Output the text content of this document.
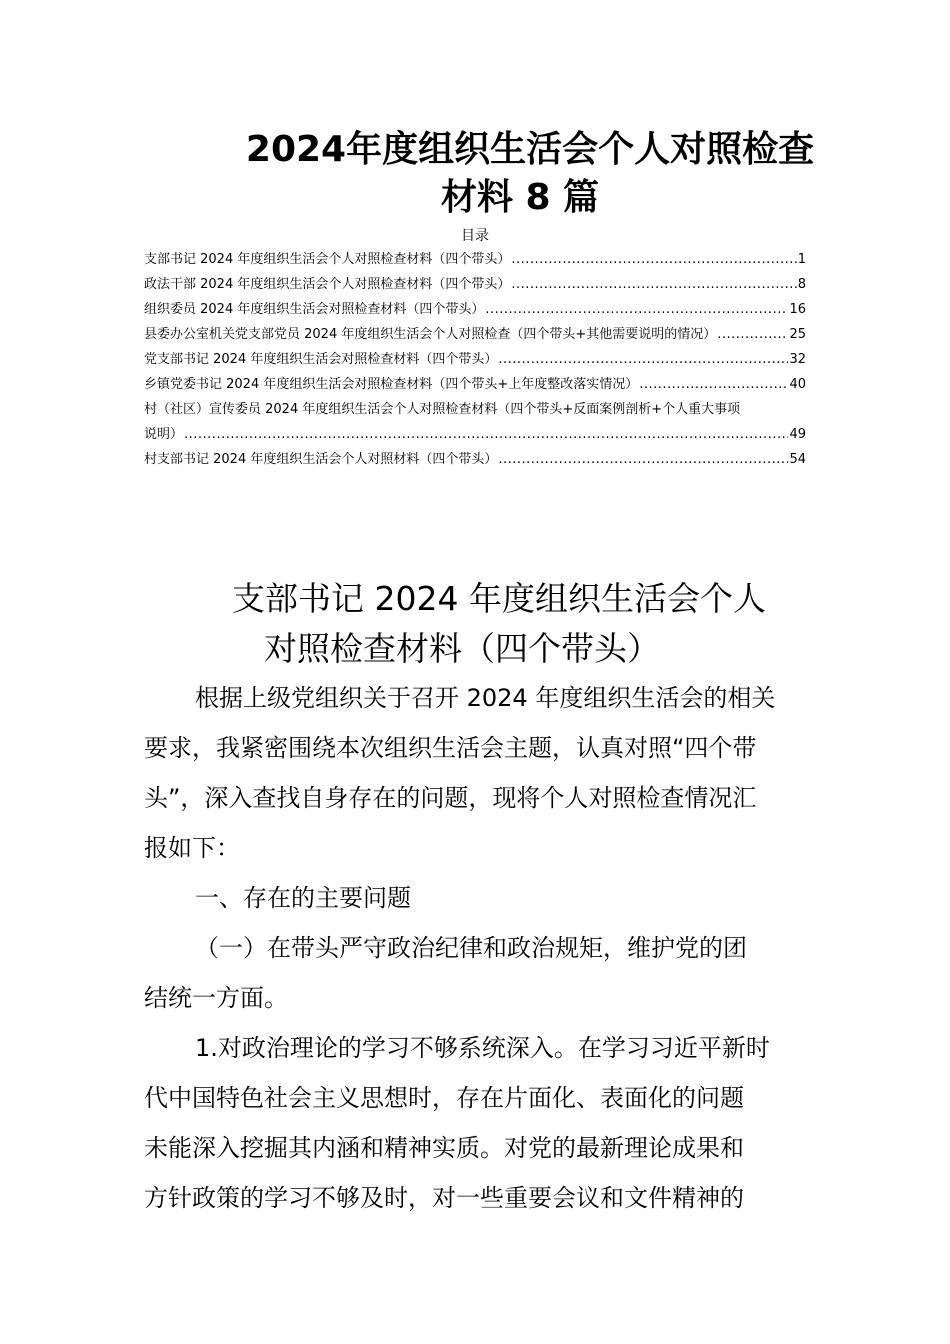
2024年度组织生活会个人对照检查
材料 8 篇
目录
支部书记 2024 年度组织生活会个人对照检查材料（四个带头） .....	1
政法干部 2024 年度组织生活会个人对照检查材料（四个带头） .....	8
组织委员 2024 年度组织生活会对照检查材料（四个带头） .....	16
县委办公室机关党支部党员 2024 年度组织生活会个人对照检查（四个带头+其他需要说明的情况） .....	25
党支部书记 2024 年度组织生活会对照检查材料（四个带头） .....	32
乡镇党委书记 2024 年度组织生活会对照检查材料（四个带头+上年度整改落实情况） .....	40
村（社区）宣传委员 2024 年度组织生活会个人对照检查材料（四个带头+反面案例剖析+个人重大事项
说明） .....	49
村支部书记 2024 年度组织生活会个人对照材料（四个带头） .....	54
支部书记 2024 年度组织生活会个人
对照检查材料（四个带头）
根据上级党组织关于召开 2024 年度组织生活会的相关
要求，我紧密围绕本次组织生活会主题，认真对照“四个带
头”，深入查找自身存在的问题，现将个人对照检查情况汇
报如下：
一、存在的主要问题
（一）在带头严守政治纪律和政治规矩，维护党的团
结统一方面。
1.对政治理论的学习不够系统深入。在学习习近平新时
代中国特色社会主义思想时，存在片面化、表面化的问题
未能深入挖掘其内涵和精神实质。对党的最新理论成果和
方针政策的学习不够及时，对一些重要会议和文件精神的
